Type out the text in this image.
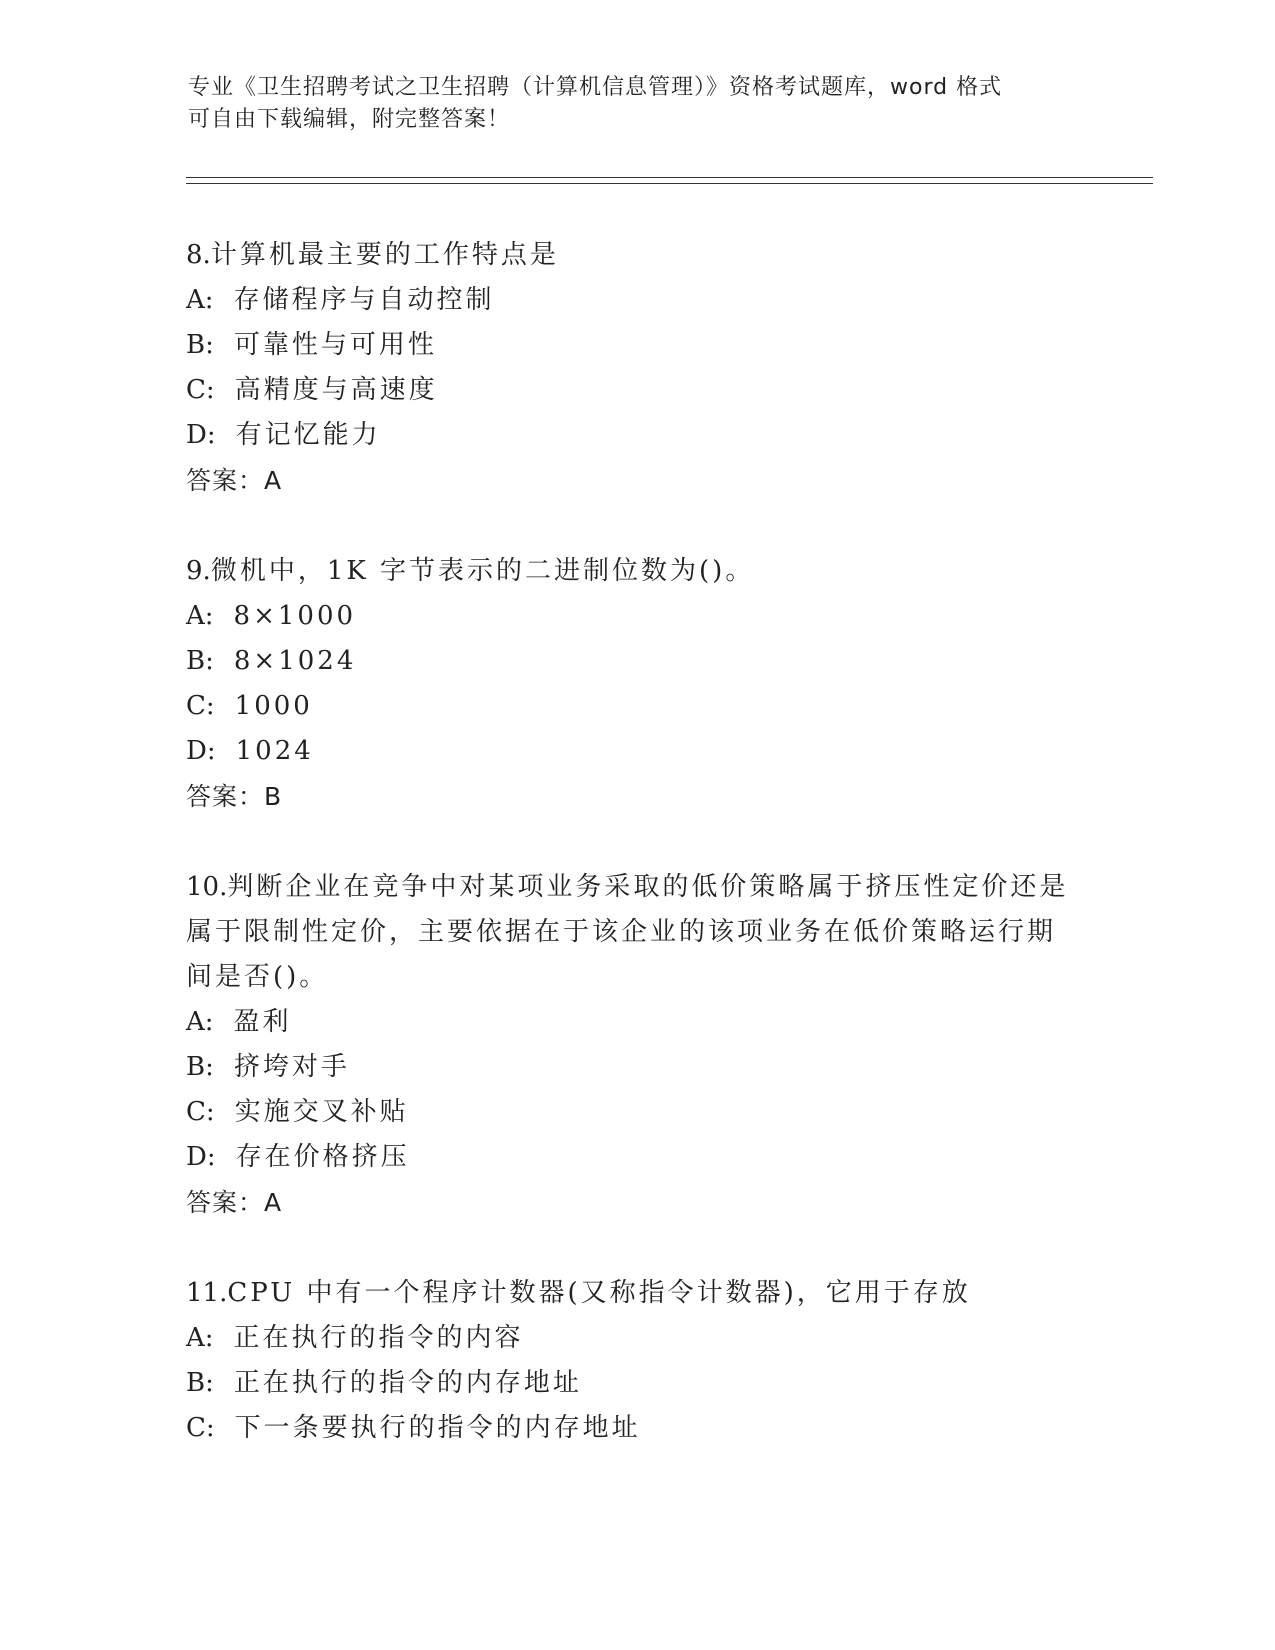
专业《卫生招聘考试之卫生招聘（计算机信息管理）》资格考试题库，word 格式
可自由下载编辑，附完整答案！
8.计算机最主要的工作特点是
A: 存储程序与自动控制
B: 可靠性与可用性
C: 高精度与高速度
D: 有记忆能力
答案：A
9.微机中，1K 字节表示的二进制位数为()。
A: 8×1000
B: 8×1024
C: 1000
D: 1024
答案：B
10.判断企业在竞争中对某项业务采取的低价策略属于挤压性定价还是
属于限制性定价，主要依据在于该企业的该项业务在低价策略运行期
间是否()。
A: 盈利
B: 挤垮对手
C: 实施交叉补贴
D: 存在价格挤压
答案：A
11.CPU 中有一个程序计数器(又称指令计数器)，它用于存放
A: 正在执行的指令的内容
B: 正在执行的指令的内存地址
C: 下一条要执行的指令的内存地址
